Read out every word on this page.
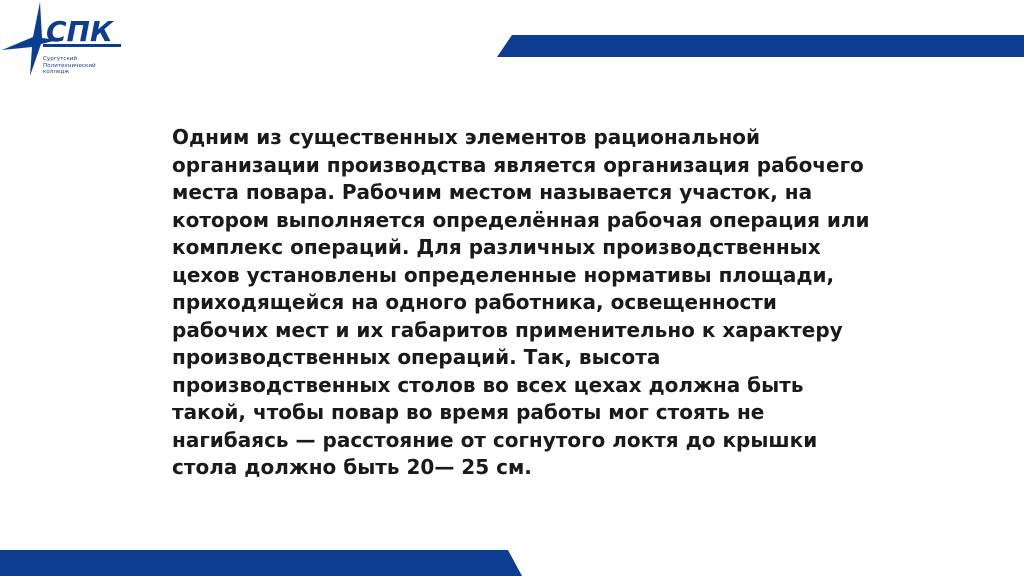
СПК
Сургутский
Политехнический
колледж

Одним из существенных элементов рациональной организации производства является организация рабочего места повара. Рабочим местом называется участок, на котором выполняется определённая рабочая операция или комплекс операций. Для различных производственных цехов установлены определенные нормативы площади, приходящейся на одного работника, освещенности рабочих мест и их габаритов применительно к характеру производственных операций. Так, высота производственных столов во всех цехах должна быть такой, чтобы повар во время работы мог стоять не нагибаясь — расстояние от согнутого локтя до крышки стола должно быть 20— 25 см.
